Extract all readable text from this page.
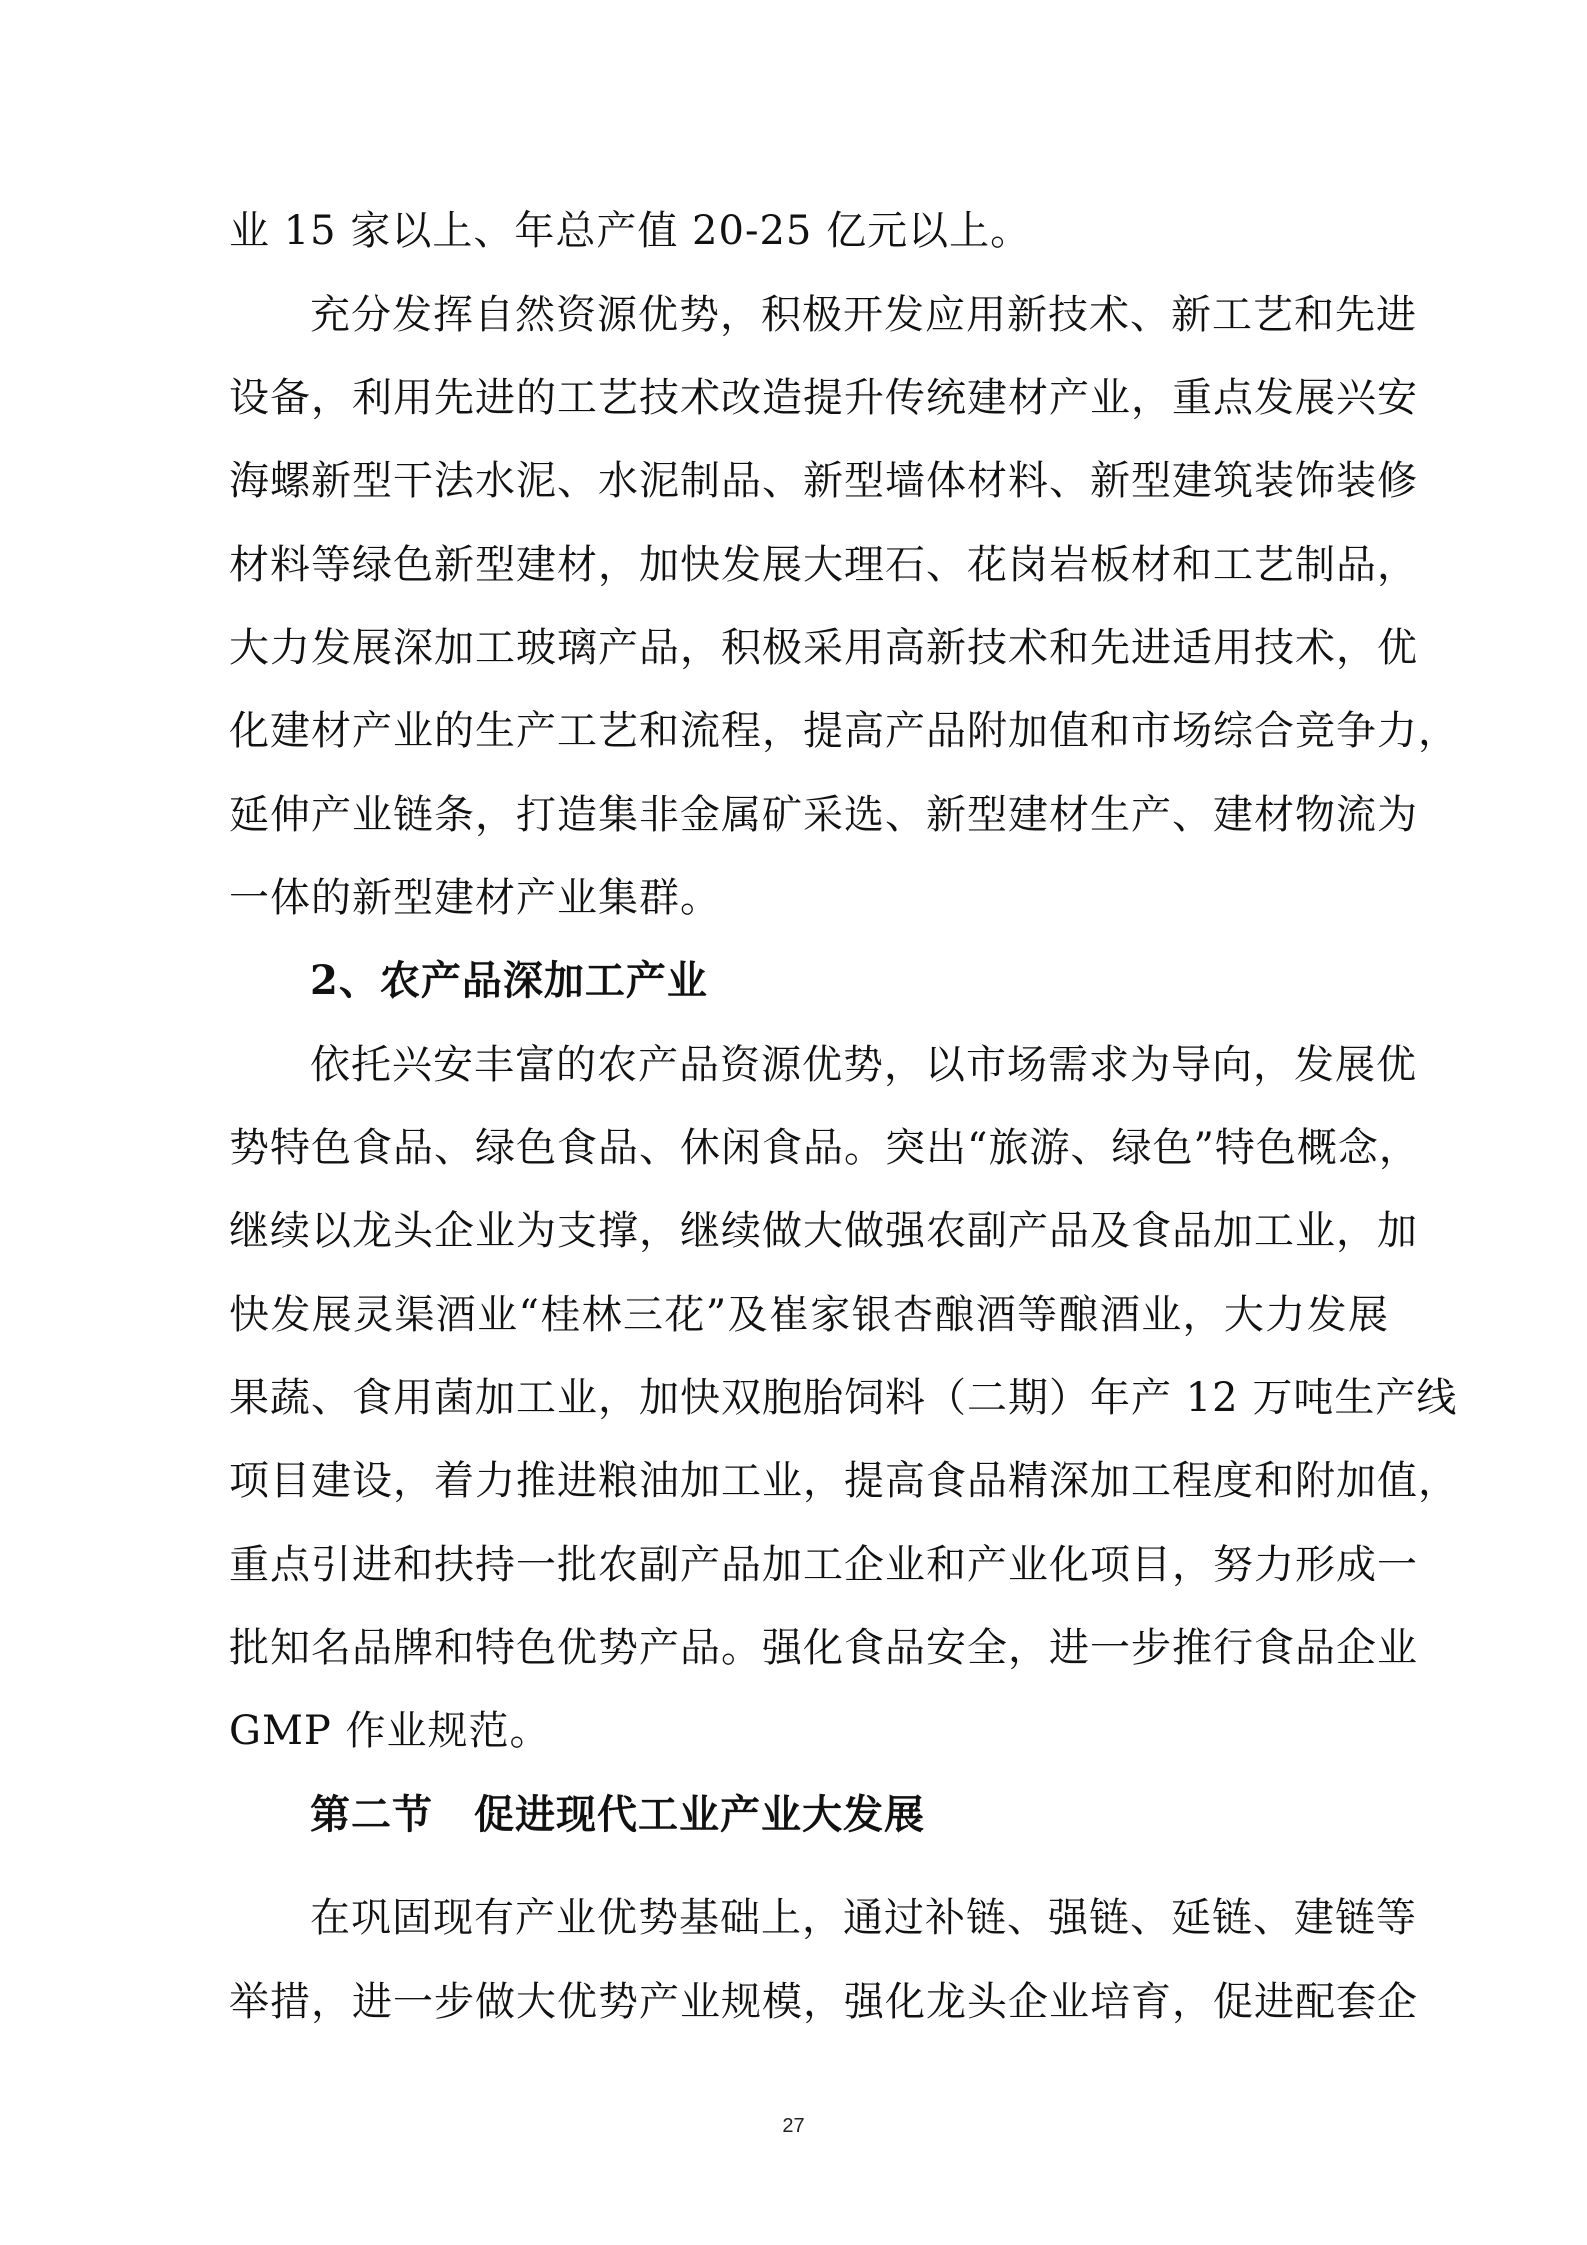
业 15 家以上、年总产值 20-25 亿元以上。
充分发挥自然资源优势，积极开发应用新技术、新工艺和先进
设备，利用先进的工艺技术改造提升传统建材产业，重点发展兴安
海螺新型干法水泥、水泥制品、新型墙体材料、新型建筑装饰装修
材料等绿色新型建材，加快发展大理石、花岗岩板材和工艺制品，
大力发展深加工玻璃产品，积极采用高新技术和先进适用技术，优
化建材产业的生产工艺和流程，提高产品附加值和市场综合竞争力，
延伸产业链条，打造集非金属矿采选、新型建材生产、建材物流为
一体的新型建材产业集群。
2、农产品深加工产业
依托兴安丰富的农产品资源优势，以市场需求为导向，发展优
势特色食品、绿色食品、休闲食品。突出“旅游、绿色”特色概念，
继续以龙头企业为支撑，继续做大做强农副产品及食品加工业，加
快发展灵渠酒业“桂林三花”及崔家银杏酿酒等酿酒业，大力发展
果蔬、食用菌加工业，加快双胞胎饲料（二期）年产 12 万吨生产线
项目建设，着力推进粮油加工业，提高食品精深加工程度和附加值，
重点引进和扶持一批农副产品加工企业和产业化项目，努力形成一
批知名品牌和特色优势产品。强化食品安全，进一步推行食品企业
GMP 作业规范。
第二节　促进现代工业产业大发展
在巩固现有产业优势基础上，通过补链、强链、延链、建链等
举措，进一步做大优势产业规模，强化龙头企业培育，促进配套企
27
